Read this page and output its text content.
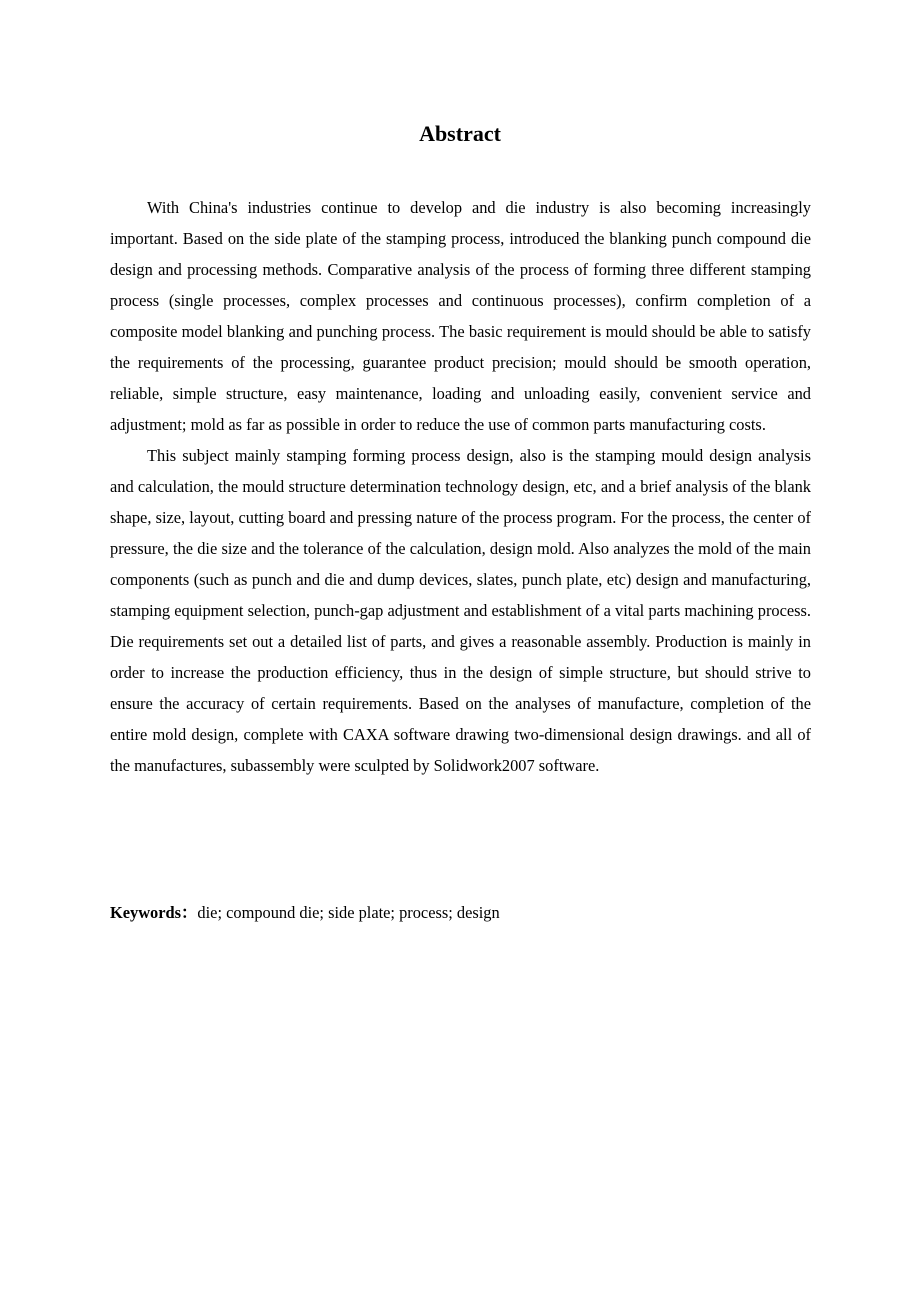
Abstract

With China's industries continue to develop and die industry is also becoming increasingly important. Based on the side plate of the stamping process, introduced the blanking punch compound die design and processing methods. Comparative analysis of the process of forming three different stamping process (single processes, complex processes and continuous processes), confirm completion of a composite model blanking and punching process. The basic requirement is mould should be able to satisfy the requirements of the processing, guarantee product precision; mould should be smooth operation, reliable, simple structure, easy maintenance, loading and unloading easily, convenient service and adjustment; mold as far as possible in order to reduce the use of common parts manufacturing costs.

This subject mainly stamping forming process design, also is the stamping mould design analysis and calculation, the mould structure determination technology design, etc, and a brief analysis of the blank shape, size, layout, cutting board and pressing nature of the process program. For the process, the center of pressure, the die size and the tolerance of the calculation, design mold. Also analyzes the mold of the main components (such as punch and die and dump devices, slates, punch plate, etc) design and manufacturing, stamping equipment selection, punch-gap adjustment and establishment of a vital parts machining process. Die requirements set out a detailed list of parts, and gives a reasonable assembly. Production is mainly in order to increase the production efficiency, thus in the design of simple structure, but should strive to ensure the accuracy of certain requirements. Based on the analyses of manufacture, completion of the entire mold design, complete with CAXA software drawing two-dimensional design drawings. and all of the manufactures, subassembly were sculpted by Solidwork2007 software.

Keywords：die; compound die; side plate; process; design
